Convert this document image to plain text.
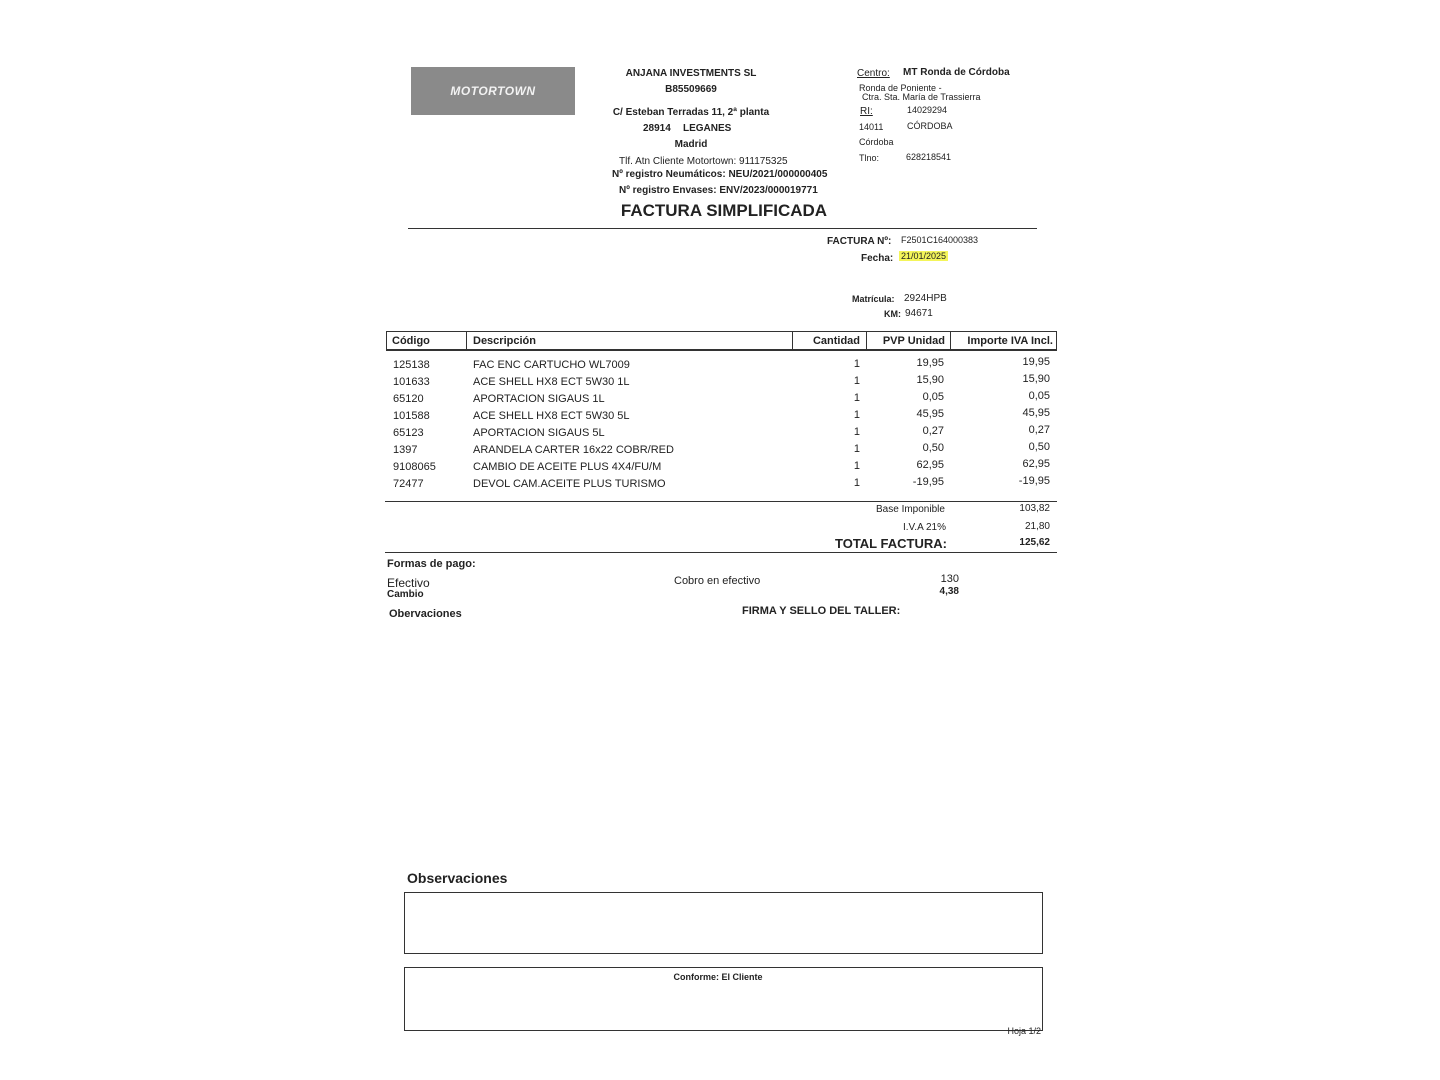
MOTORTOWN
ANJANA INVESTMENTS SL
B85509669
C/ Esteban Terradas 11, 2ª planta
28914 LEGANES
Madrid
Tlf. Atn Cliente Motortown: 911175325
Nº registro Neumáticos: NEU/2021/000000405
Nº registro Envases: ENV/2023/000019771
Centro: MT Ronda de Córdoba
Ronda de Poniente -
Ctra. Sta. María de Trassierra
RI:	14029294
14011	CÓRDOBA
Córdoba
Tlno:	628218541
FACTURA SIMPLIFICADA
FACTURA Nº: F2501C164000383
Fecha: 21/01/2025
Matrícula: 2924HPB
KM: 94671
Código	Descripción	Cantidad	PVP Unidad	Importe IVA Incl.
125138	FAC ENC CARTUCHO WL7009	1	19,95	19,95
101633	ACE SHELL HX8 ECT 5W30 1L	1	15,90	15,90
65120	APORTACION SIGAUS 1L	1	0,05	0,05
101588	ACE SHELL HX8 ECT 5W30 5L	1	45,95	45,95
65123	APORTACION SIGAUS 5L	1	0,27	0,27
1397	ARANDELA CARTER 16x22 COBR/RED	1	0,50	0,50
9108065	CAMBIO DE ACEITE PLUS 4X4/FU/M	1	62,95	62,95
72477	DEVOL CAM.ACEITE PLUS TURISMO	1	-19,95	-19,95
Base Imponible	103,82
I.V.A 21%	21,80
TOTAL FACTURA:	125,62
Formas de pago:
Efectivo	Cobro en efectivo	130
Cambio	4,38
Obervaciones	FIRMA Y SELLO DEL TALLER:
Observaciones
Conforme: El Cliente
Hoja 1/2
